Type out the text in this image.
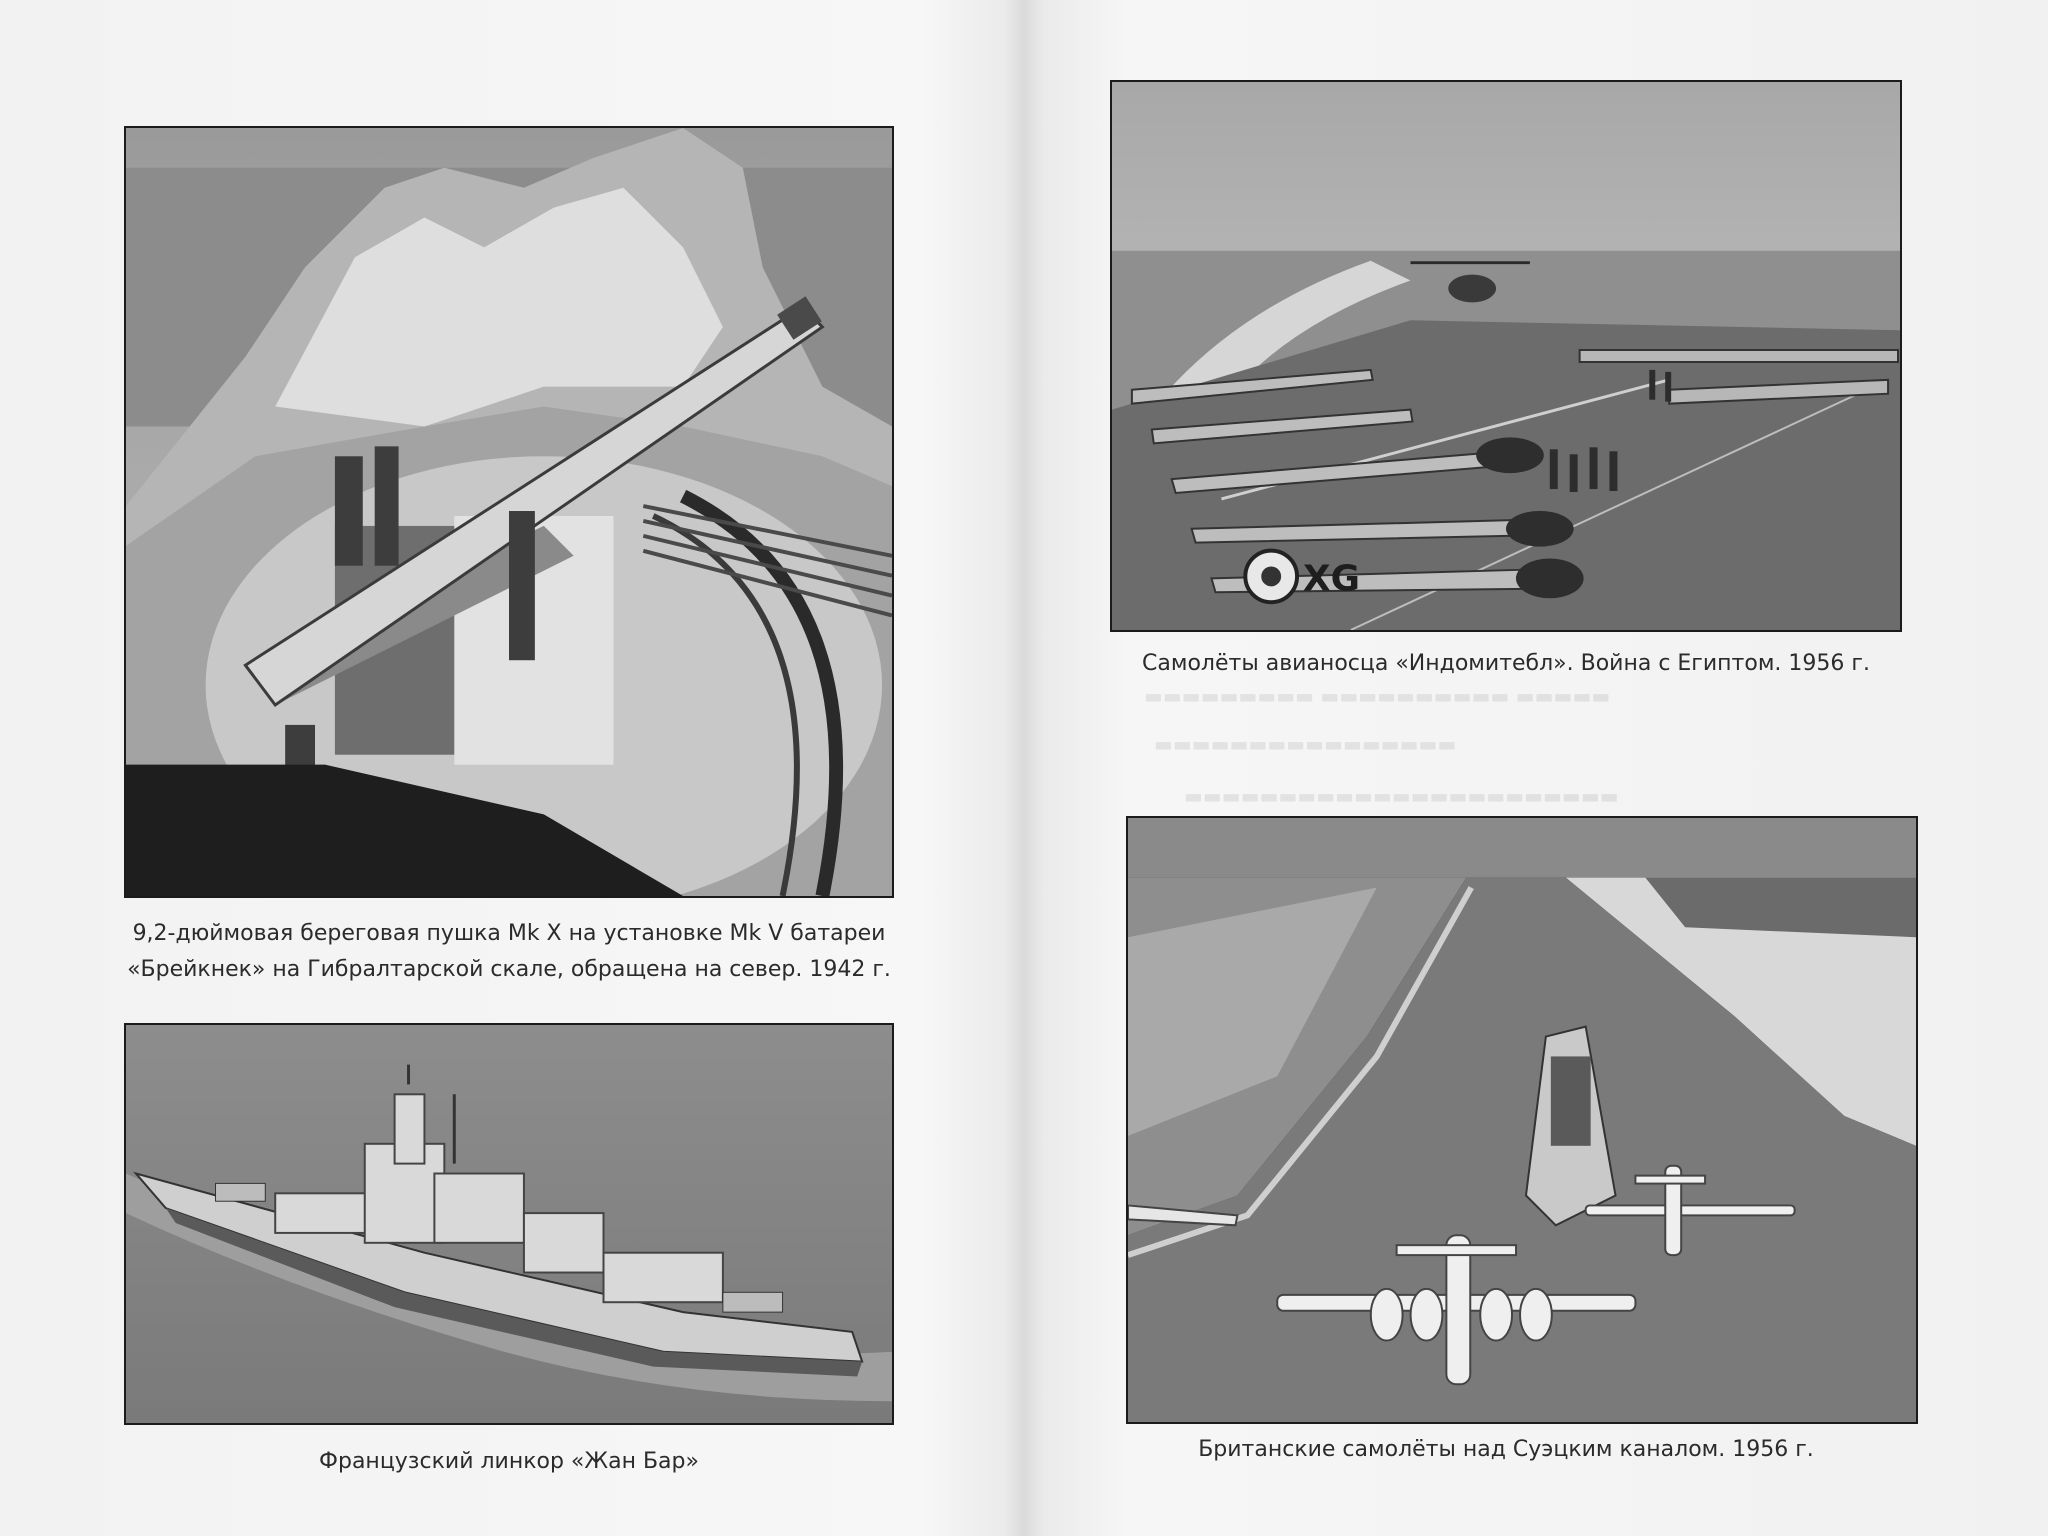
9,2-дюймовая береговая пушка Mk X на установке Mk V батареи
«Брейкнек» на Гибралтарской скале, обращена на север. 1942 г.
Французский линкор «Жан Бар»
XG
Самолёты авианосца «Индомитебл». Война с Египтом. 1956 г.
▬▬▬▬▬▬▬▬▬ ▬▬▬▬▬▬▬▬▬▬ ▬▬▬▬▬
▬▬▬▬▬▬▬▬▬▬▬▬▬▬▬▬
▬▬▬▬▬▬▬▬▬▬▬▬▬▬▬▬▬▬▬▬▬▬▬
Британские самолёты над Суэцким каналом. 1956 г.
